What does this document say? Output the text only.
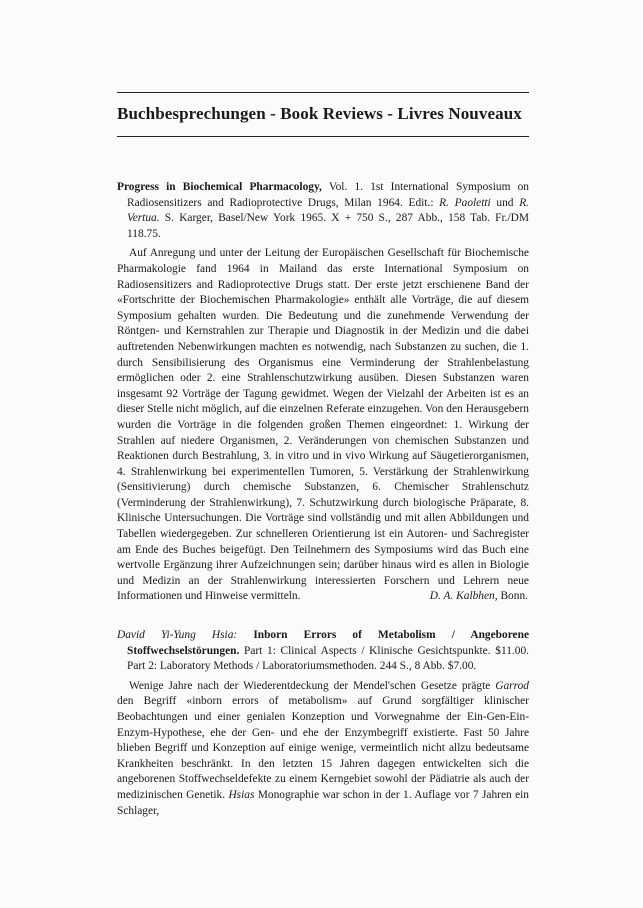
Buchbesprechungen - Book Reviews - Livres Nouveaux

Progress in Biochemical Pharmacology, Vol. 1. 1st International Symposium on Radiosensitizers and Radioprotective Drugs, Milan 1964. Edit.: R. Paoletti und R. Vertua. S. Karger, Basel/New York 1965. X + 750 S., 287 Abb., 158 Tab. Fr./DM 118.75.

Auf Anregung und unter der Leitung der Europäischen Gesellschaft für Biochemische Pharmakologie fand 1964 in Mailand das erste International Symposium on Radiosensitizers and Radioprotective Drugs statt. Der erste jetzt erschienene Band der «Fortschritte der Biochemischen Pharmakologie» enthält alle Vorträge, die auf diesem Symposium gehalten wurden. Die Bedeutung und die zunehmende Verwendung der Röntgen- und Kernstrahlen zur Therapie und Diagnostik in der Medizin und die dabei auftretenden Nebenwirkungen machten es notwendig, nach Substanzen zu suchen, die 1. durch Sensibilisierung des Organismus eine Verminderung der Strahlenbelastung ermöglichen oder 2. eine Strahlenschutzwirkung ausüben. Diesen Substanzen waren insgesamt 92 Vorträge der Tagung gewidmet. Wegen der Vielzahl der Arbeiten ist es an dieser Stelle nicht möglich, auf die einzelnen Referate einzugehen. Von den Herausgebern wurden die Vorträge in die folgenden großen Themen eingeordnet: 1. Wirkung der Strahlen auf niedere Organismen, 2. Veränderungen von chemischen Substanzen und Reaktionen durch Bestrahlung, 3. in vitro und in vivo Wirkung auf Säugetierorganismen, 4. Strahlenwirkung bei experimentellen Tumoren, 5. Verstärkung der Strahlenwirkung (Sensitivierung) durch chemische Substanzen, 6. Chemischer Strahlenschutz (Verminderung der Strahlenwirkung), 7. Schutzwirkung durch biologische Präparate, 8. Klinische Untersuchungen. Die Vorträge sind vollständig und mit allen Abbildungen und Tabellen wiedergegeben. Zur schnelleren Orientierung ist ein Autoren- und Sachregister am Ende des Buches beigefügt. Den Teilnehmern des Symposiums wird das Buch eine wertvolle Ergänzung ihrer Aufzeichnungen sein; darüber hinaus wird es allen in Biologie und Medizin an der Strahlenwirkung interessierten Forschern und Lehrern neue Informationen und Hinweise vermitteln.	D. A. Kalbhen, Bonn.

David Yi-Yung Hsia: Inborn Errors of Metabolism / Angeborene Stoffwechselstörungen. Part 1: Clinical Aspects / Klinische Gesichtspunkte. $11.00. Part 2: Laboratory Methods / Laboratoriumsmethoden. 244 S., 8 Abb. $7.00.

Wenige Jahre nach der Wiederentdeckung der Mendel'schen Gesetze prägte Garrod den Begriff «inborn errors of metabolism» auf Grund sorgfältiger klinischer Beobachtungen und einer genialen Konzeption und Vorwegnahme der Ein-Gen-Ein-Enzym-Hypothese, ehe der Gen- und ehe der Enzymbegriff existierte. Fast 50 Jahre blieben Begriff und Konzeption auf einige wenige, vermeintlich nicht allzu bedeutsame Krankheiten beschränkt. In den letzten 15 Jahren dagegen entwickelten sich die angeborenen Stoffwechseldefekte zu einem Kerngebiet sowohl der Pädiatrie als auch der medizinischen Genetik. Hsias Monographie war schon in der 1. Auflage vor 7 Jahren ein Schlager,
